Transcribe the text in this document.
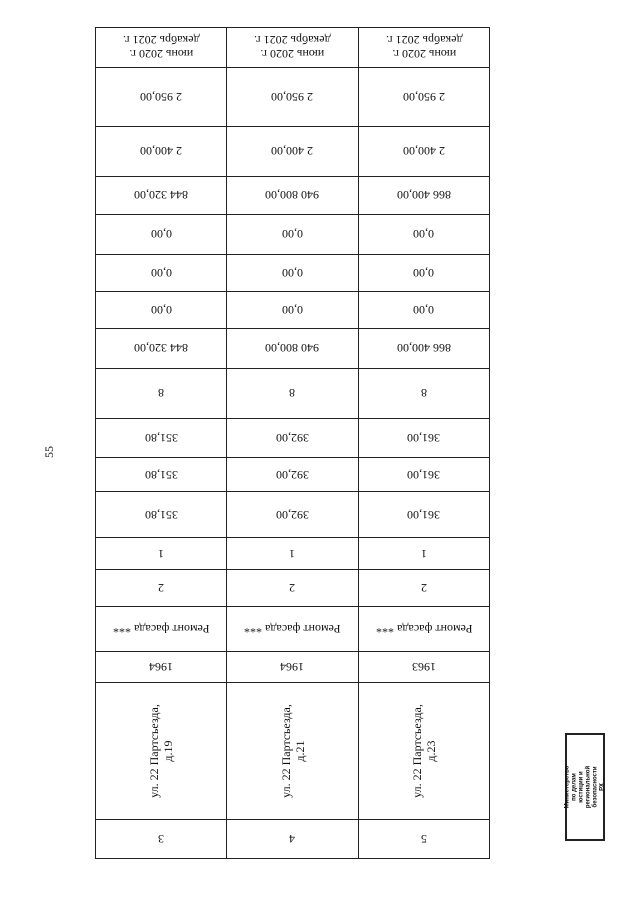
55
июнь 2020 г.
декабрь 2021 г.
2 950,00
2 400,00
844 320,00
0,00
0,00
0,00
844 320,00
8
351,80
351,80
351,80
1
2
Ремонт фасада ***
1964
ул. 22 Партсъезда,
д.19
3
июнь 2020 г.
декабрь 2021 г.
2 950,00
2 400,00
940 800,00
0,00
0,00
0,00
940 800,00
8
392,00
392,00
392,00
1
2
Ремонт фасада ***
1964
ул. 22 Партсъезда,
д.21
4
июнь 2020 г.
декабрь 2021 г.
2 950,00
2 400,00
866 400,00
0,00
0,00
0,00
866 400,00
8
361,00
361,00
361,00
1
2
Ремонт фасада ***
1963
ул. 22 Партсъезда,
д.23
5
Министерство по делам
юстиции и региональной
безопасности РХ
